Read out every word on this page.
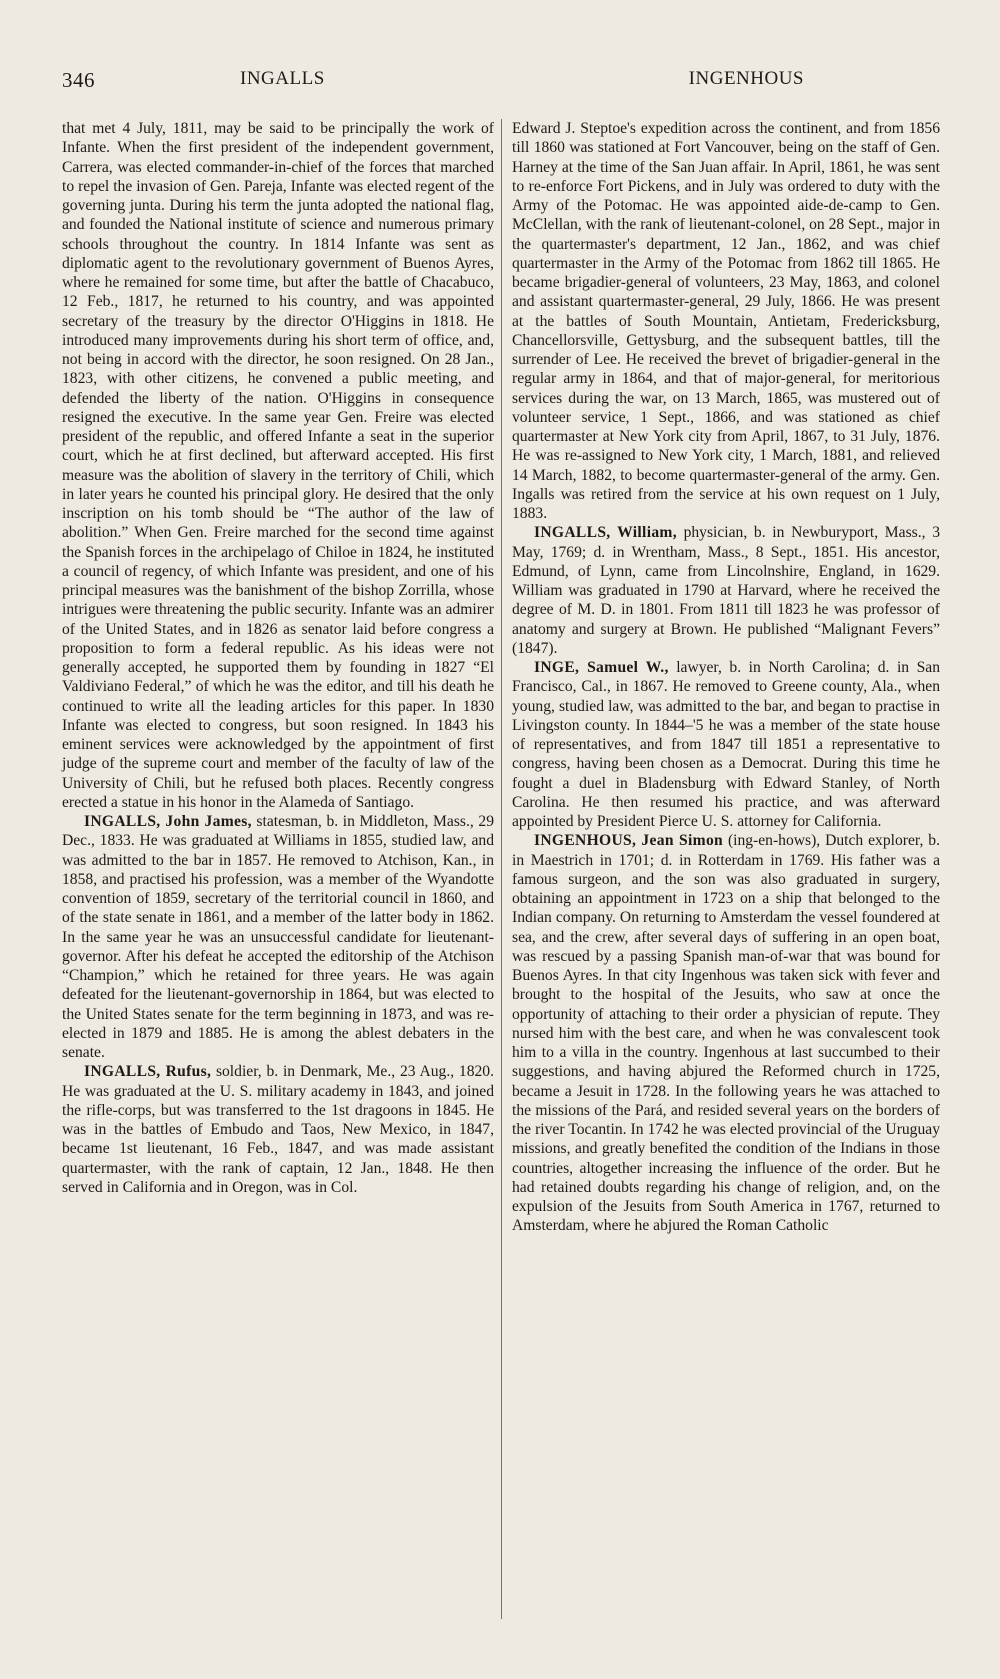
346	INGALLS	INGENHOUS

that met 4 July, 1811, may be said to be principally the work of Infante. When the first president of the independent government, Carrera, was elected commander-in-chief of the forces that marched to repel the invasion of Gen. Pareja, Infante was elected regent of the governing junta. During his term the junta adopted the national flag, and founded the National institute of science and numerous primary schools throughout the country. In 1814 Infante was sent as diplomatic agent to the revolutionary government of Buenos Ayres, where he remained for some time, but after the battle of Chacabuco, 12 Feb., 1817, he returned to his country, and was appointed secretary of the treasury by the director O'Higgins in 1818. He introduced many improvements during his short term of office, and, not being in accord with the director, he soon resigned. On 28 Jan., 1823, with other citizens, he convened a public meeting, and defended the liberty of the nation. O'Higgins in consequence resigned the executive. In the same year Gen. Freire was elected president of the republic, and offered Infante a seat in the superior court, which he at first declined, but afterward accepted. His first measure was the abolition of slavery in the territory of Chili, which in later years he counted his principal glory. He desired that the only inscription on his tomb should be “The author of the law of abolition.” When Gen. Freire marched for the second time against the Spanish forces in the archipelago of Chiloe in 1824, he instituted a council of regency, of which Infante was president, and one of his principal measures was the banishment of the bishop Zorrilla, whose intrigues were threatening the public security. Infante was an admirer of the United States, and in 1826 as senator laid before congress a proposition to form a federal republic. As his ideas were not generally accepted, he supported them by founding in 1827 “El Valdiviano Federal,” of which he was the editor, and till his death he continued to write all the leading articles for this paper. In 1830 Infante was elected to congress, but soon resigned. In 1843 his eminent services were acknowledged by the appointment of first judge of the supreme court and member of the faculty of law of the University of Chili, but he refused both places. Recently congress erected a statue in his honor in the Alameda of Santiago.

INGALLS, John James, statesman, b. in Middleton, Mass., 29 Dec., 1833. He was graduated at Williams in 1855, studied law, and was admitted to the bar in 1857. He removed to Atchison, Kan., in 1858, and practised his profession, was a member of the Wyandotte convention of 1859, secretary of the territorial council in 1860, and of the state senate in 1861, and a member of the latter body in 1862. In the same year he was an unsuccessful candidate for lieutenant-governor. After his defeat he accepted the editorship of the Atchison “Champion,” which he retained for three years. He was again defeated for the lieutenant-governorship in 1864, but was elected to the United States senate for the term beginning in 1873, and was re-elected in 1879 and 1885. He is among the ablest debaters in the senate.

INGALLS, Rufus, soldier, b. in Denmark, Me., 23 Aug., 1820. He was graduated at the U. S. military academy in 1843, and joined the rifle-corps, but was transferred to the 1st dragoons in 1845. He was in the battles of Embudo and Taos, New Mexico, in 1847, became 1st lieutenant, 16 Feb., 1847, and was made assistant quartermaster, with the rank of captain, 12 Jan., 1848. He then served in California and in Oregon, was in Col.

Edward J. Steptoe's expedition across the continent, and from 1856 till 1860 was stationed at Fort Vancouver, being on the staff of Gen. Harney at the time of the San Juan affair. In April, 1861, he was sent to re-enforce Fort Pickens, and in July was ordered to duty with the Army of the Potomac. He was appointed aide-de-camp to Gen. McClellan, with the rank of lieutenant-colonel, on 28 Sept., major in the quartermaster's department, 12 Jan., 1862, and was chief quartermaster in the Army of the Potomac from 1862 till 1865. He became brigadier-general of volunteers, 23 May, 1863, and colonel and assistant quartermaster-general, 29 July, 1866. He was present at the battles of South Mountain, Antietam, Fredericksburg, Chancellorsville, Gettysburg, and the subsequent battles, till the surrender of Lee. He received the brevet of brigadier-general in the regular army in 1864, and that of major-general, for meritorious services during the war, on 13 March, 1865, was mustered out of volunteer service, 1 Sept., 1866, and was stationed as chief quartermaster at New York city from April, 1867, to 31 July, 1876. He was re-assigned to New York city, 1 March, 1881, and relieved 14 March, 1882, to become quartermaster-general of the army. Gen. Ingalls was retired from the service at his own request on 1 July, 1883.

INGALLS, William, physician, b. in Newburyport, Mass., 3 May, 1769; d. in Wrentham, Mass., 8 Sept., 1851. His ancestor, Edmund, of Lynn, came from Lincolnshire, England, in 1629. William was graduated in 1790 at Harvard, where he received the degree of M. D. in 1801. From 1811 till 1823 he was professor of anatomy and surgery at Brown. He published “Malignant Fevers” (1847).

INGE, Samuel W., lawyer, b. in North Carolina; d. in San Francisco, Cal., in 1867. He removed to Greene county, Ala., when young, studied law, was admitted to the bar, and began to practise in Livingston county. In 1844–'5 he was a member of the state house of representatives, and from 1847 till 1851 a representative to congress, having been chosen as a Democrat. During this time he fought a duel in Bladensburg with Edward Stanley, of North Carolina. He then resumed his practice, and was afterward appointed by President Pierce U. S. attorney for California.

INGENHOUS, Jean Simon (ing-en-hows), Dutch explorer, b. in Maestrich in 1701; d. in Rotterdam in 1769. His father was a famous surgeon, and the son was also graduated in surgery, obtaining an appointment in 1723 on a ship that belonged to the Indian company. On returning to Amsterdam the vessel foundered at sea, and the crew, after several days of suffering in an open boat, was rescued by a passing Spanish man-of-war that was bound for Buenos Ayres. In that city Ingenhous was taken sick with fever and brought to the hospital of the Jesuits, who saw at once the opportunity of attaching to their order a physician of repute. They nursed him with the best care, and when he was convalescent took him to a villa in the country. Ingenhous at last succumbed to their suggestions, and having abjured the Reformed church in 1725, became a Jesuit in 1728. In the following years he was attached to the missions of the Pará, and resided several years on the borders of the river Tocantin. In 1742 he was elected provincial of the Uruguay missions, and greatly benefited the condition of the Indians in those countries, altogether increasing the influence of the order. But he had retained doubts regarding his change of religion, and, on the expulsion of the Jesuits from South America in 1767, returned to Amsterdam, where he abjured the Roman Catholic
